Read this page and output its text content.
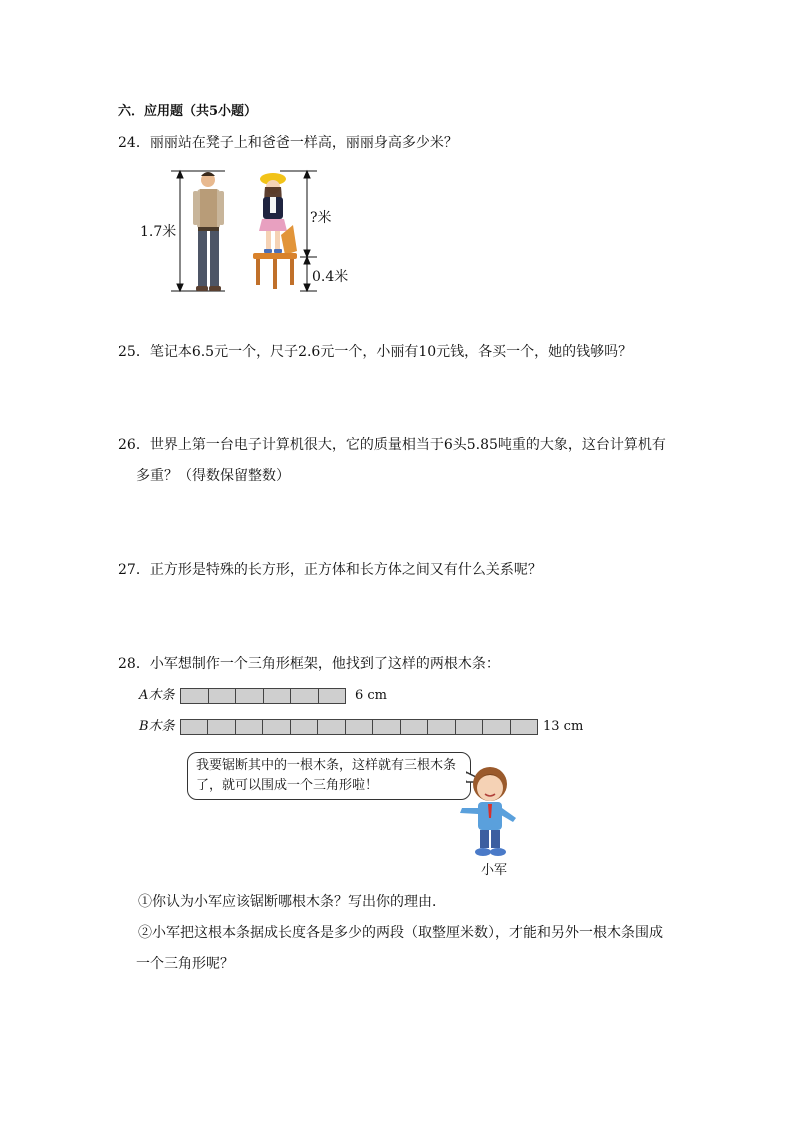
六．应用题（共5小题）
24．丽丽站在凳子上和爸爸一样高，丽丽身高多少米？
1.7米
?米
0.4米
25．笔记本6.5元一个，尺子2.6元一个，小丽有10元钱，各买一个，她的钱够吗？
26．世界上第一台电子计算机很大，它的质量相当于6头5.85吨重的大象，这台计算机有
多重？（得数保留整数）
27．正方形是特殊的长方形，正方体和长方体之间又有什么关系呢？
28．小军想制作一个三角形框架，他找到了这样的两根木条：
A木条	6 cm
B木条	13 cm
我要锯断其中的一根木条，这样就有三根木条了，就可以围成一个三角形啦！
小军
①你认为小军应该锯断哪根木条？写出你的理由．
②小军把这根本条据成长度各是多少的两段（取整厘米数），才能和另外一根木条围成
一个三角形呢？
